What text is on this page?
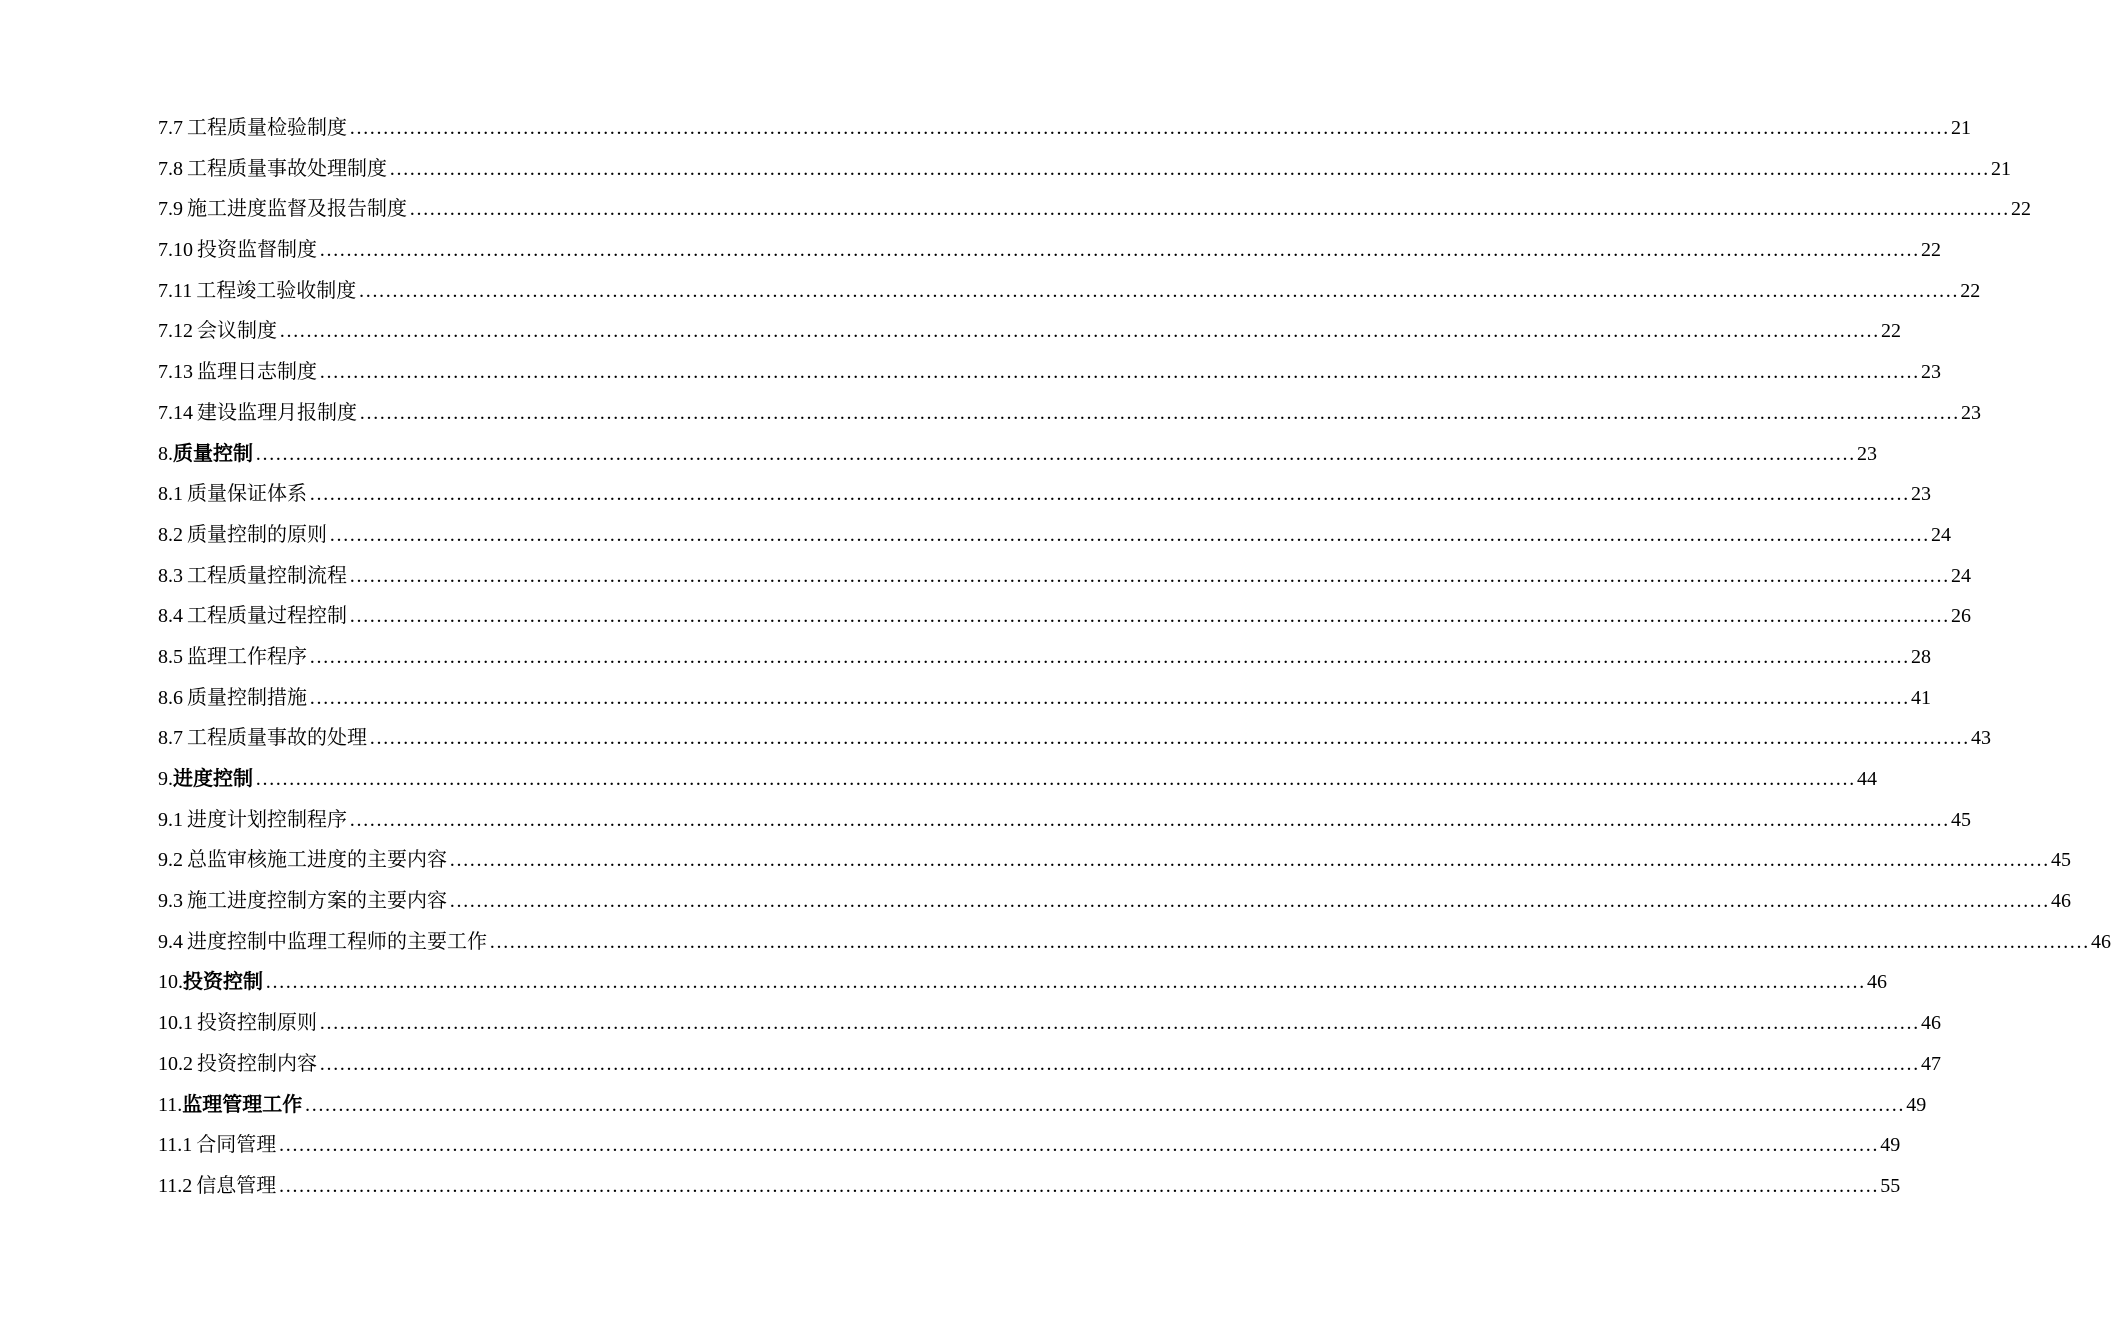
7.7 工程质量检验制度 …………………………………………………………………………………………………………………………………………………………………………………………………………………… 21
7.8 工程质量事故处理制度 …………………………………………………………………………………………………………………………………………………………………………………………………………………… 21
7.9 施工进度监督及报告制度 …………………………………………………………………………………………………………………………………………………………………………………………………………………… 22
7.10 投资监督制度 …………………………………………………………………………………………………………………………………………………………………………………………………………………… 22
7.11 工程竣工验收制度 …………………………………………………………………………………………………………………………………………………………………………………………………………………… 22
7.12 会议制度 …………………………………………………………………………………………………………………………………………………………………………………………………………………… 22
7.13 监理日志制度 …………………………………………………………………………………………………………………………………………………………………………………………………………………… 23
7.14 建设监理月报制度 …………………………………………………………………………………………………………………………………………………………………………………………………………………… 23
8. 质量控制 …………………………………………………………………………………………………………………………………………………………………………………………………………………… 23
8.1 质量保证体系 …………………………………………………………………………………………………………………………………………………………………………………………………………………… 23
8.2 质量控制的原则 …………………………………………………………………………………………………………………………………………………………………………………………………………………… 24
8.3 工程质量控制流程 …………………………………………………………………………………………………………………………………………………………………………………………………………………… 24
8.4 工程质量过程控制 …………………………………………………………………………………………………………………………………………………………………………………………………………………… 26
8.5 监理工作程序 …………………………………………………………………………………………………………………………………………………………………………………………………………………… 28
8.6 质量控制措施 …………………………………………………………………………………………………………………………………………………………………………………………………………………… 41
8.7 工程质量事故的处理 …………………………………………………………………………………………………………………………………………………………………………………………………………………… 43
9. 进度控制 …………………………………………………………………………………………………………………………………………………………………………………………………………………… 44
9.1 进度计划控制程序 …………………………………………………………………………………………………………………………………………………………………………………………………………………… 45
9.2 总监审核施工进度的主要内容 …………………………………………………………………………………………………………………………………………………………………………………………………………………… 45
9.3 施工进度控制方案的主要内容 …………………………………………………………………………………………………………………………………………………………………………………………………………………… 46
9.4 进度控制中监理工程师的主要工作 …………………………………………………………………………………………………………………………………………………………………………………………………………………… 46
10. 投资控制 …………………………………………………………………………………………………………………………………………………………………………………………………………………… 46
10.1 投资控制原则 …………………………………………………………………………………………………………………………………………………………………………………………………………………… 46
10.2 投资控制内容 …………………………………………………………………………………………………………………………………………………………………………………………………………………… 47
11. 监理管理工作 …………………………………………………………………………………………………………………………………………………………………………………………………………………… 49
11.1 合同管理 …………………………………………………………………………………………………………………………………………………………………………………………………………………… 49
11.2 信息管理 …………………………………………………………………………………………………………………………………………………………………………………………………………………… 55
